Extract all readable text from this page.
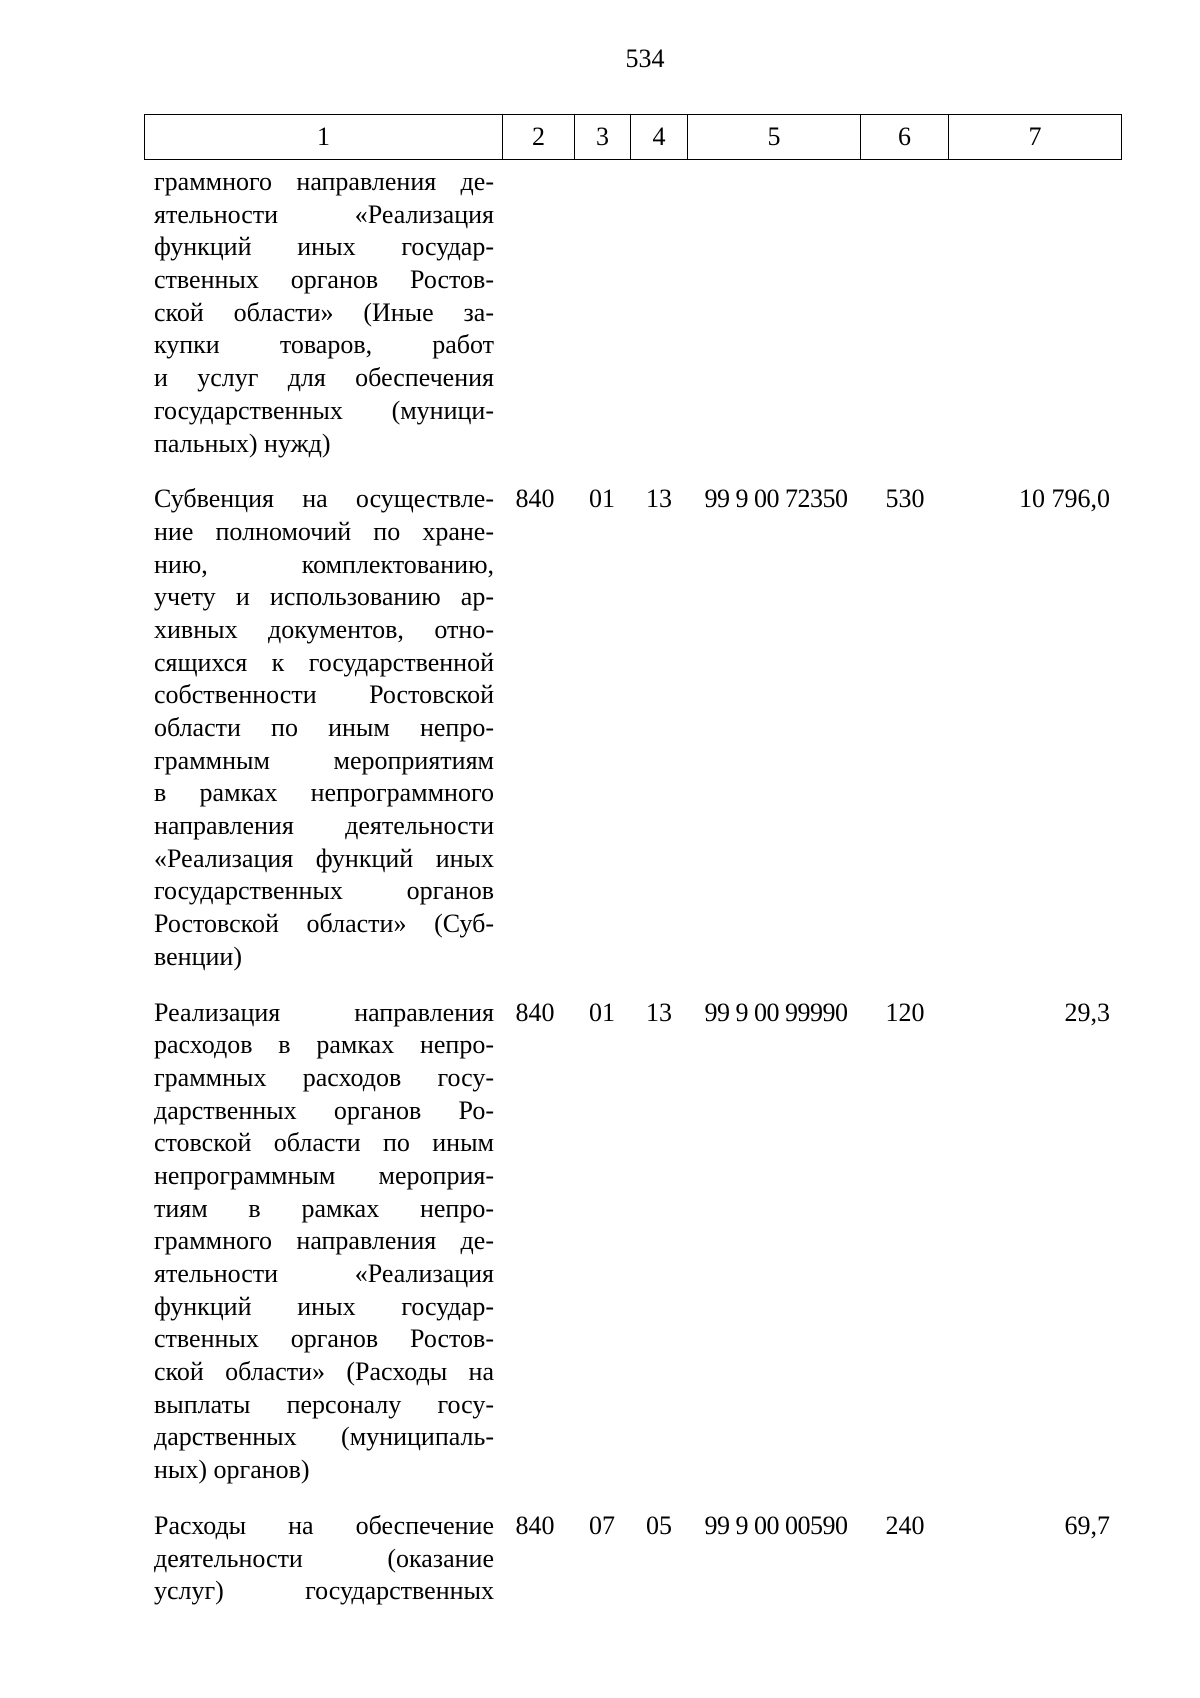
534
1	2	3	4	5	6	7
граммного направления де-
ятельности «Реализация
функций иных государ-
ственных органов Ростов-
ской области» (Иные за-
купки товаров, работ
и услуг для обеспечения
государственных (муници-
пальных) нужд)
Субвенция на осуществле-
ние полномочий по хране-
нию, комплектованию,
учету и использованию ар-
хивных документов, отно-
сящихся к государственной
собственности Ростовской
области по иным непро-
граммным мероприятиям
в рамках непрограммного
направления деятельности
«Реализация функций иных
государственных органов
Ростовской области» (Суб-
венции)
840	01	13	99 9 00 72350	530	10 796,0
Реализация направления
расходов в рамках непро-
граммных расходов госу-
дарственных органов Ро-
стовской области по иным
непрограммным мероприя-
тиям в рамках непро-
граммного направления де-
ятельности «Реализация
функций иных государ-
ственных органов Ростов-
ской области» (Расходы на
выплаты персоналу госу-
дарственных (муниципаль-
ных) органов)
840	01	13	99 9 00 99990	120	29,3
Расходы на обеспечение
деятельности (оказание
услуг) государственных
840	07	05	99 9 00 00590	240	69,7
